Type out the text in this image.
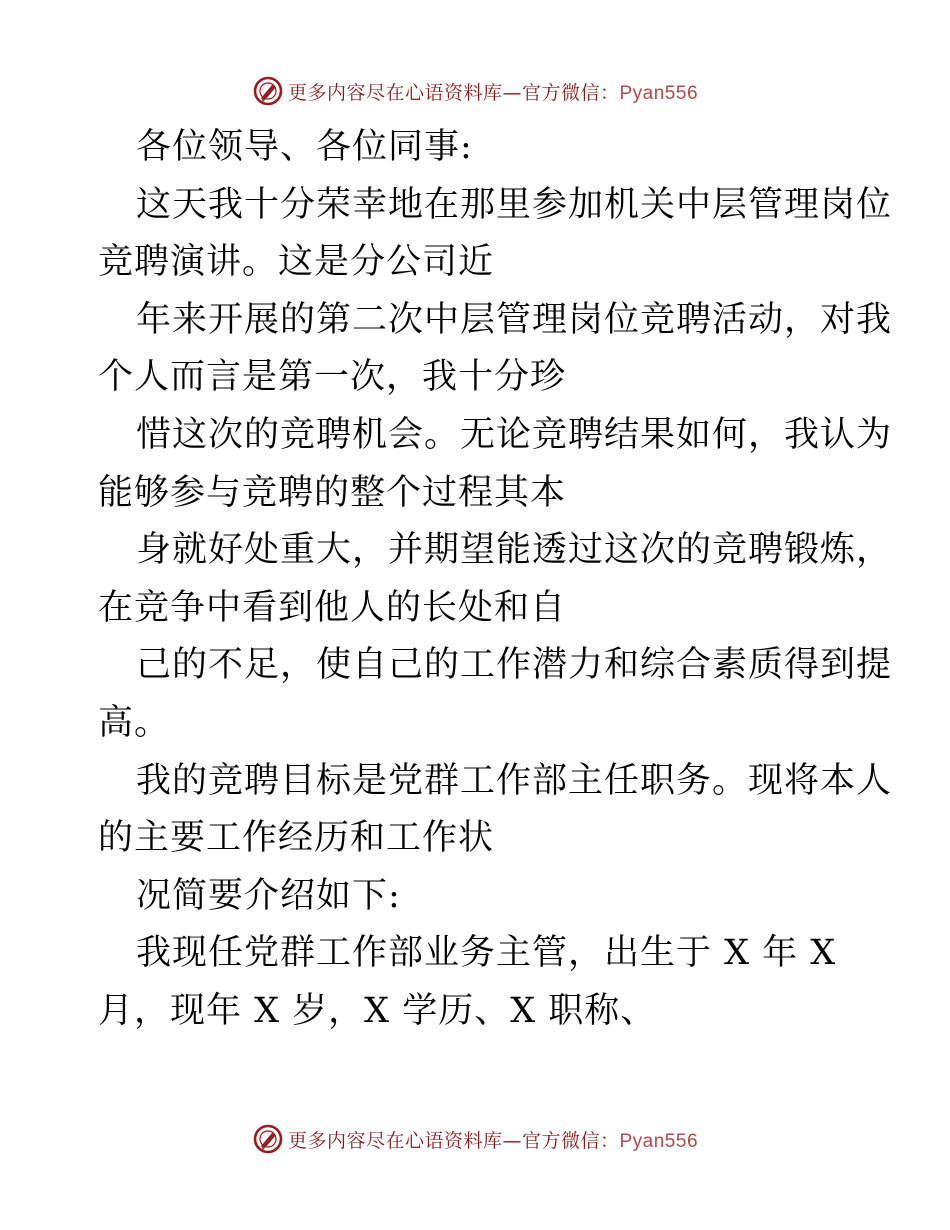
更多内容尽在心语资料库—官方微信：Pyan556
各位领导、各位同事:
这天我十分荣幸地在那里参加机关中层管理岗位
竞聘演讲。这是分公司近
年来开展的第二次中层管理岗位竞聘活动，对我
个人而言是第一次，我十分珍
惜这次的竞聘机会。无论竞聘结果如何，我认为
能够参与竞聘的整个过程其本
身就好处重大，并期望能透过这次的竞聘锻炼，
在竞争中看到他人的长处和自
己的不足，使自己的工作潜力和综合素质得到提
高。
我的竞聘目标是党群工作部主任职务。现将本人
的主要工作经历和工作状
况简要介绍如下:
我现任党群工作部业务主管，出生于 X 年 X
月，现年 X 岁，X 学历、X 职称、
更多内容尽在心语资料库—官方微信：Pyan556
